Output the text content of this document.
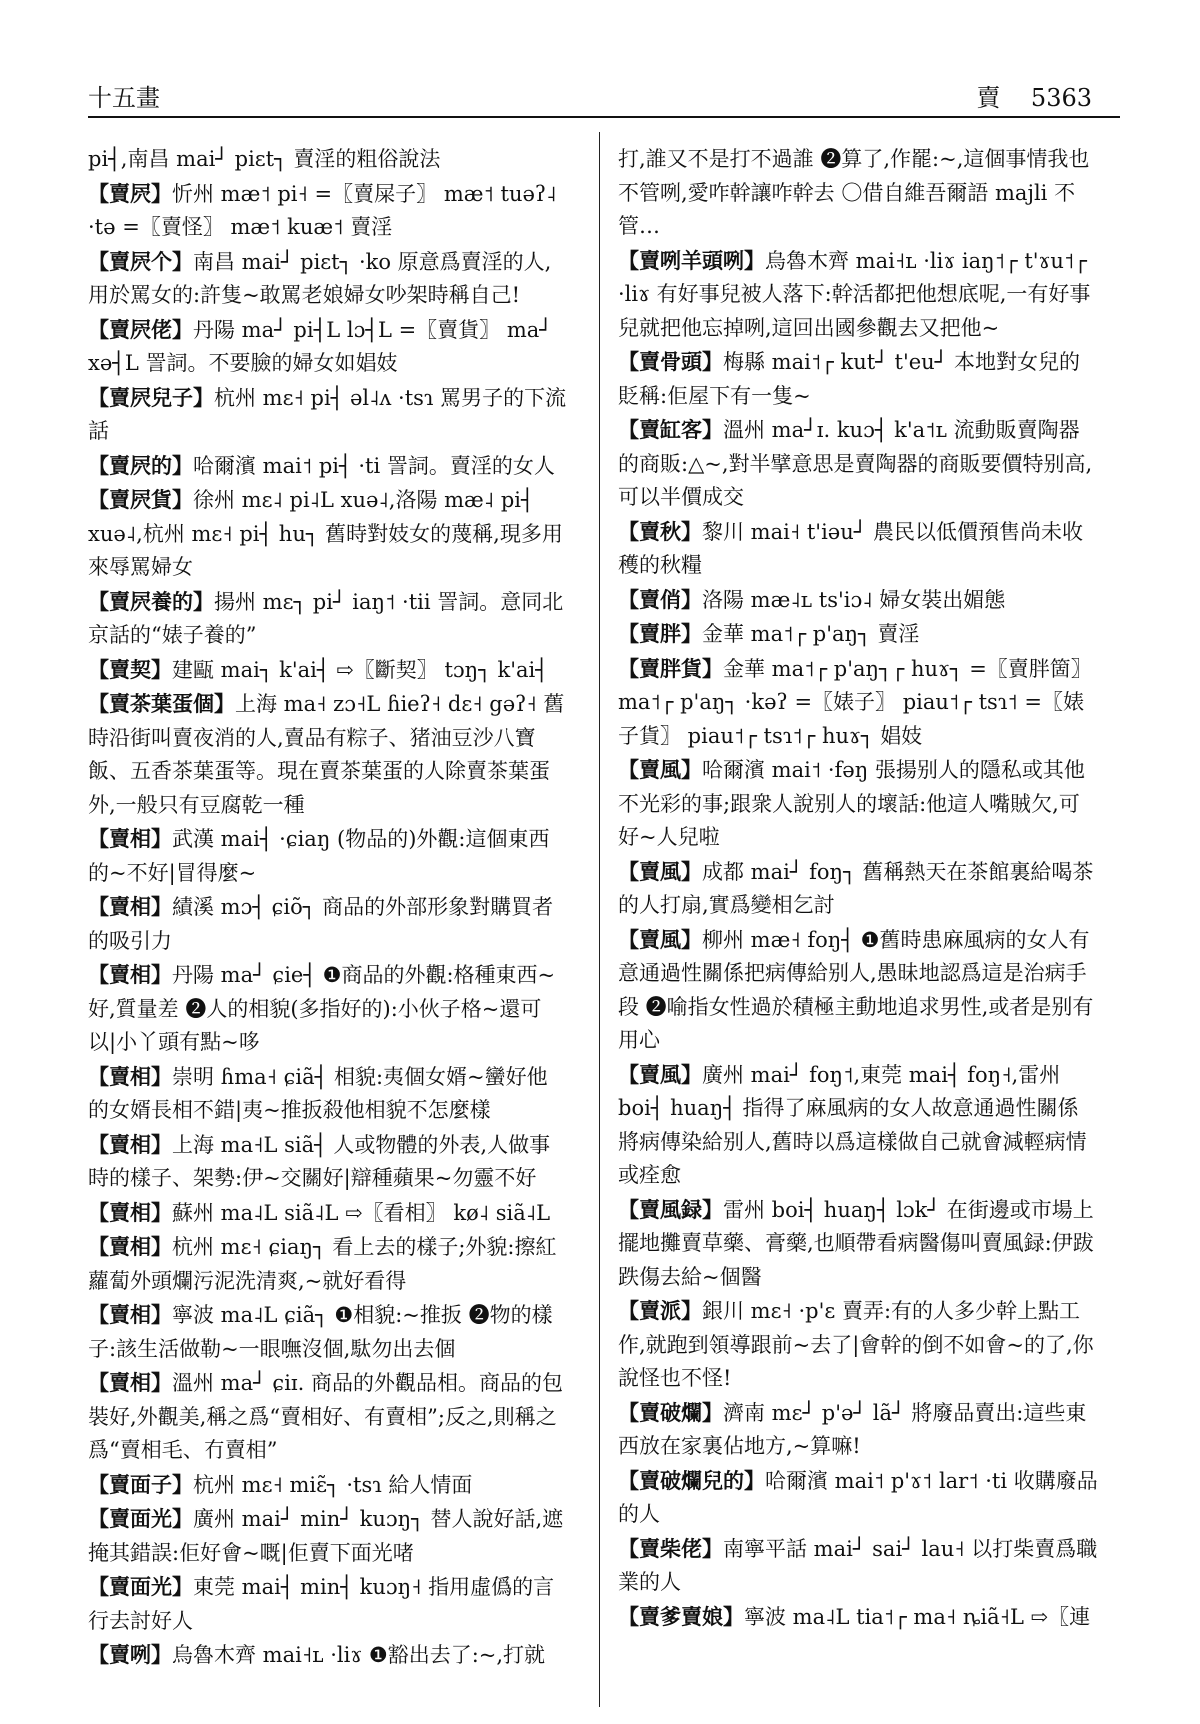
十五畫	賣 5363
pi┤,南昌 mai┘ piɛt┐ 賣淫的粗俗說法
【賣屄】忻州 mæ˦ pi˧ =〖賣屎子〗 mæ˦ tuəʔ˨ ·tə =〖賣怪〗 mæ˦ kuæ˦ 賣淫
【賣屄个】南昌 mai┘ piɛt┐ ·ko 原意爲賣淫的人,用於罵女的:許隻~敢罵老娘婦女吵架時稱自己!
【賣屄佬】丹陽 ma┘ pi┤L lɔ┤L =〖賣貨〗 ma┘ xə┤L 詈詞。不要臉的婦女如娼妓
【賣屄兒子】杭州 mɛ˧ pi┤ əl˨ʌ ·tsɿ 罵男子的下流話
【賣屄的】哈爾濱 mai˦ pi┤ ·ti 詈詞。賣淫的女人
【賣屄貨】徐州 mɛ˨ pi˨L xuə˨,洛陽 mæ˨ pi┤ xuə˨,杭州 mɛ˧ pi┤ hu┐ 舊時對妓女的蔑稱,現多用來辱罵婦女
【賣屄養的】揚州 mɛ┐ pi┘ iaŋ˦ ·tii 詈詞。意同北京話的“婊子養的”
【賣契】建甌 mai┐ k'ai┤ ⇨〖斷契〗 tɔŋ┐ k'ai┤
【賣茶葉蛋個】上海 ma˧ zɔ˧L ɦieʔ˧ dɛ˧ gəʔ˧ 舊時沿街叫賣夜消的人,賣品有粽子、猪油豆沙八寶飯、五香茶葉蛋等。現在賣茶葉蛋的人除賣茶葉蛋外,一般只有豆腐乾一種
【賣相】武漢 mai┤ ·ɕiaŋ (物品的)外觀:這個東西的~不好|冒得麼~
【賣相】績溪 mɔ┤ ɕiõ┐ 商品的外部形象對購買者的吸引力
【賣相】丹陽 ma┘ ɕie┤ ❶商品的外觀:格種東西~好,質量差 ❷人的相貌(多指好的):小伙子格~還可以|小丫頭有點~哆
【賣相】崇明 ɦma˧ ɕiã┤ 相貌:夷個女婿~蠻好他的女婿長相不錯|夷~推扳殺他相貌不怎麼樣
【賣相】上海 ma˧L siã┤ 人或物體的外表,人做事時的樣子、架勢:伊~交關好|辯種蘋果~勿靈不好
【賣相】蘇州 ma˨L siã˨L ⇨〖看相〗 kø˨ siã˨L
【賣相】杭州 mɛ˧ ɕiaŋ┐ 看上去的樣子;外貌:擦紅蘿蔔外頭爛污泥洗清爽,~就好看得
【賣相】寧波 ma˨L ɕiã┐ ❶相貌:~推扳 ❷物的樣子:該生活做勒~一眼嘸沒個,駄勿出去個
【賣相】溫州 ma┘ ɕiɪ. 商品的外觀品相。商品的包裝好,外觀美,稱之爲“賣相好、有賣相”;反之,則稱之爲“賣相毛、冇賣相”
【賣面子】杭州 mɛ˧ miɛ̃┐ ·tsɿ 給人情面
【賣面光】廣州 mai┘ min┘ kuɔŋ┐ 替人說好話,遮掩其錯誤:佢好會~嘅|佢賣下面光啫
【賣面光】東莞 mai┤ min┤ kuɔŋ˧ 指用虛僞的言行去討好人
【賣咧】烏魯木齊 mai˧ʟ ·liɤ ❶豁出去了:~,打就
打,誰又不是打不過誰 ❷算了,作罷:~,這個事情我也不管咧,愛咋幹讓咋幹去 〇借自維吾爾語 majli 不管…
【賣咧羊頭咧】烏魯木齊 mai˧ʟ ·liɤ iaŋ˦┌ t'ɤu˦┌ ·liɤ 有好事兒被人落下:幹活都把他想底呢,一有好事兒就把他忘掉咧,這回出國參觀去又把他~
【賣骨頭】梅縣 mai˦┌ kut┘ t'eu┘ 本地對女兒的貶稱:佢屋下有一隻~
【賣缸客】溫州 ma┘ɪ. kuɔ┤ k'a˦ʟ 流動販賣陶器的商販:△~,對半擘意思是賣陶器的商販要價特别高,可以半價成交
【賣秋】黎川 mai˧ t'iəu┘ 農民以低價預售尚未收穫的秋糧
【賣俏】洛陽 mæ˨ʟ ts'iɔ˨ 婦女裝出媚態
【賣胖】金華 ma˦┌ p'aŋ┐ 賣淫
【賣胖貨】金華 ma˦┌ p'aŋ┐┌ huɤ┐ =〖賣胖箇〗 ma˦┌ p'aŋ┐ ·kəʔ =〖婊子〗 piau˦┌ tsɿ˦ =〖婊子貨〗 piau˦┌ tsɿ˦┌ huɤ┐ 娼妓
【賣風】哈爾濱 mai˦ ·fəŋ 張揚别人的隱私或其他不光彩的事;跟衆人說别人的壞話:他這人嘴賊欠,可好~人兒啦
【賣風】成都 mai┘ foŋ┐ 舊稱熱天在茶館裏給喝茶的人打扇,實爲變相乞討
【賣風】柳州 mæ˧ foŋ┤ ❶舊時患麻風病的女人有意通過性關係把病傳給别人,愚昧地認爲這是治病手段 ❷喻指女性過於積極主動地追求男性,或者是别有用心
【賣風】廣州 mai┘ foŋ˦,東莞 mai┤ foŋ˧,雷州 boi┤ huaŋ┤ 指得了麻風病的女人故意通過性關係將病傳染給别人,舊時以爲這樣做自己就會減輕病情或痊愈
【賣風録】雷州 boi┤ huaŋ┤ lɔk┘ 在街邊或市場上擺地攤賣草藥、膏藥,也順帶看病醫傷叫賣風録:伊跋跌傷去給~個醫
【賣派】銀川 mɛ˧ ·p'ɛ 賣弄:有的人多少幹上點工作,就跑到領導跟前~去了|會幹的倒不如會~的了,你說怪也不怪!
【賣破爛】濟南 mɛ┘ p'ə┘ lã┘ 將廢品賣出:這些東西放在家裏佔地方,~算嘛!
【賣破爛兒的】哈爾濱 mai˦ p'ɤ˦ lar˦ ·ti 收購廢品的人
【賣柴佬】南寧平話 mai┘ sai┘ lau˧ 以打柴賣爲職業的人
【賣爹賣娘】寧波 ma˨L tia˦┌ ma˧ ȵiã˧L ⇨〖連
